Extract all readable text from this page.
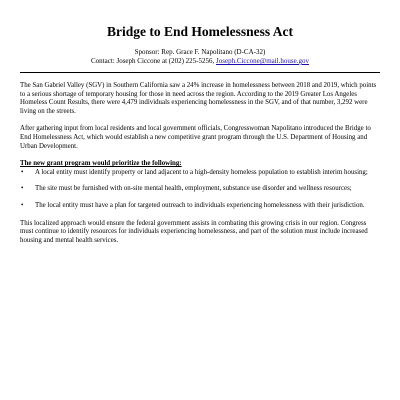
Bridge to End Homelessness Act

Sponsor: Rep. Grace F. Napolitano (D-CA-32)

Contact: Joseph Ciccone at (202) 225-5256, Joseph.Ciccone@mail.house.gov

The San Gabriel Valley (SGV) in Southern California saw a 24% increase in homelessness between 2018 and 2019, which points to a serious shortage of temporary housing for those in need across the region. According to the 2019 Greater Los Angeles Homeless Count Results, there were 4,479 individuals experiencing homelessness in the SGV, and of that number, 3,292 were living on the streets.

After gathering input from local residents and local government officials, Congresswoman Napolitano introduced the Bridge to End Homelessness Act, which would establish a new competitive grant program through the U.S. Department of Housing and Urban Development.

The new grant program would prioritize the following:

• A local entity must identify property or land adjacent to a high-density homeless population to establish interim housing;
• The site must be furnished with on-site mental health, employment, substance use disorder and wellness resources;
• The local entity must have a plan for targeted outreach to individuals experiencing homelessness with their jurisdiction.

This localized approach would ensure the federal government assists in combating this growing crisis in our region. Congress must continue to identify resources for individuals experiencing homelessness, and part of the solution must include increased housing and mental health services.
